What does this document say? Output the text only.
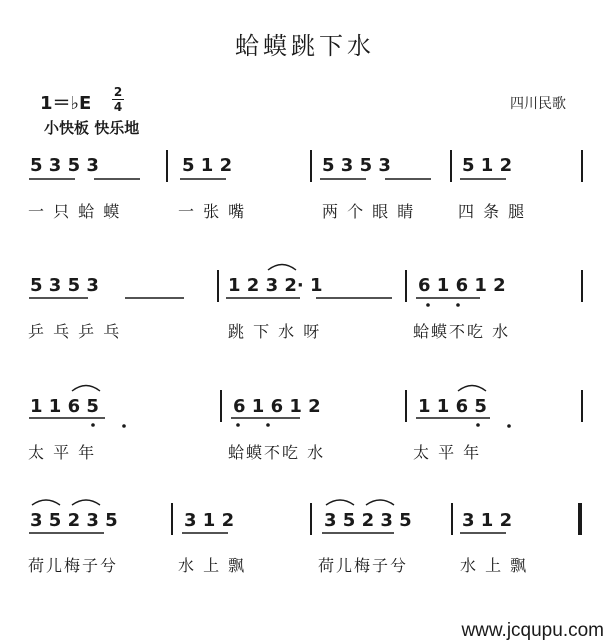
蛤蟆跳下水
1＝♭E
2
4
小快板 快乐地
四川民歌
5 3 5 3	5 1 2	5 3 5 3	5 1 2
一 只 蛤 蟆	一 张 嘴	两 个 眼 睛	四 条 腿
5 3 5 3	1 2 3 2· 1	6 1 6 1 2
乒 乓 乒 乓	跳 下 水 呀	蛤蟆不吃 水
1 1 6 5	6 1 6 1 2	1 1 6 5
太 平 年	蛤蟆不吃 水	太 平 年
3 5 2 3 5	3 1 2	3 5 2 3 5	3 1 2
荷儿梅子兮	水 上 飘	荷儿梅子兮	水 上 飘
www.jcqupu.com
